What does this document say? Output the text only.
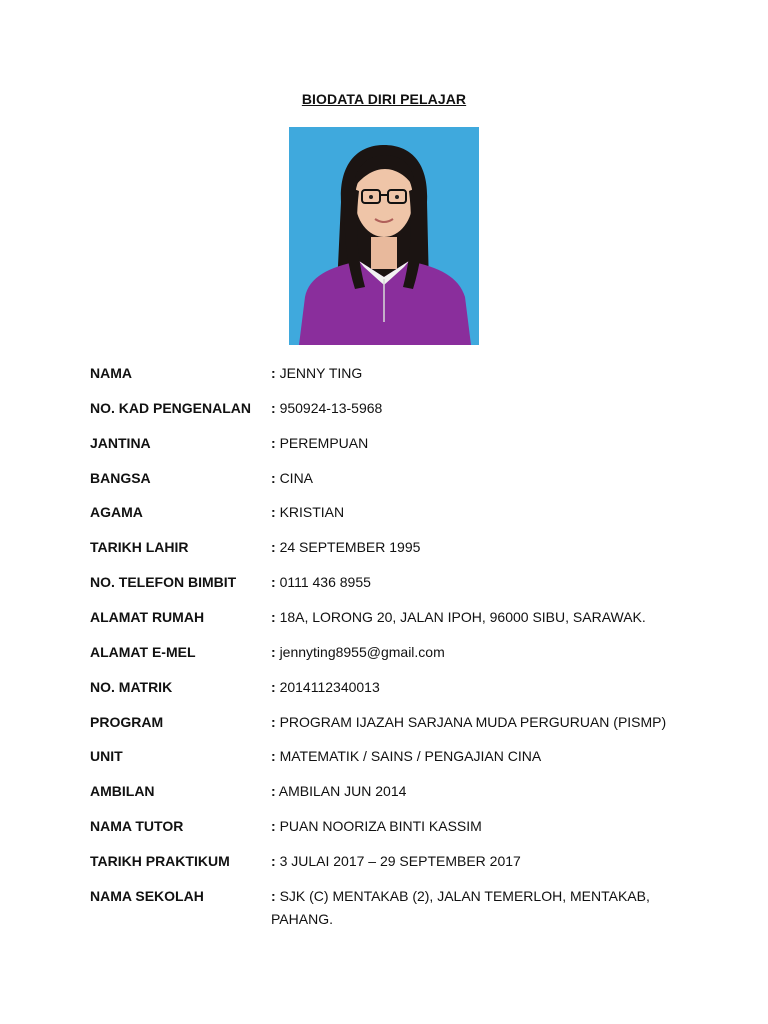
BIODATA DIRI PELAJAR
NAMA	: JENNY TING
NO. KAD PENGENALAN : 950924-13-5968
JANTINA	: PEREMPUAN
BANGSA	: CINA
AGAMA	: KRISTIAN
TARIKH LAHIR	: 24 SEPTEMBER 1995
NO. TELEFON BIMBIT : 0111 436 8955
ALAMAT RUMAH	: 18A, LORONG 20, JALAN IPOH, 96000 SIBU, SARAWAK.
ALAMAT E-MEL	: jennyting8955@gmail.com
NO. MATRIK	: 2014112340013
PROGRAM	: PROGRAM IJAZAH SARJANA MUDA PERGURUAN (PISMP)
UNIT	: MATEMATIK / SAINS / PENGAJIAN CINA
AMBILAN	: AMBILAN JUN 2014
NAMA TUTOR	: PUAN NOORIZA BINTI KASSIM
TARIKH PRAKTIKUM	: 3 JULAI 2017 – 29 SEPTEMBER 2017
NAMA SEKOLAH	: SJK (C) MENTAKAB (2), JALAN TEMERLOH, MENTAKAB, PAHANG.
